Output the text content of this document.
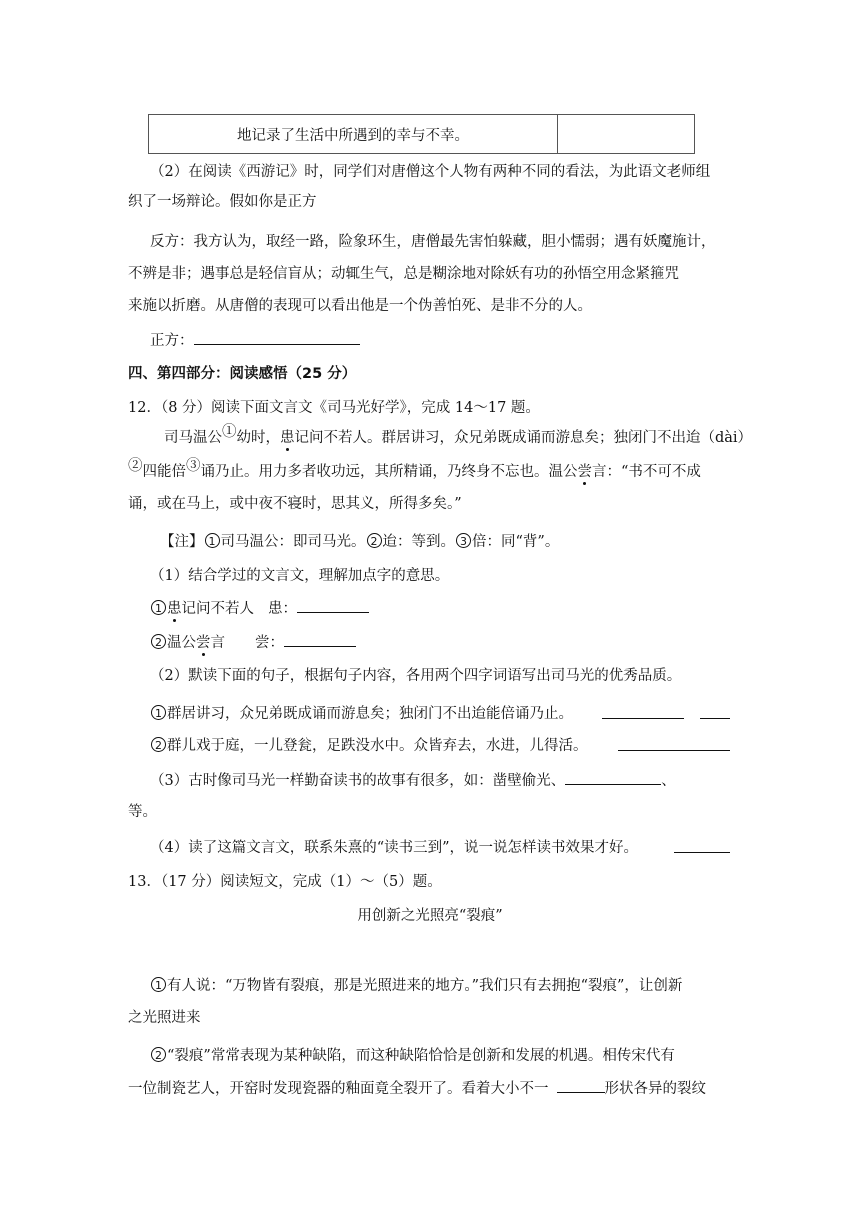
地记录了生活中所遇到的幸与不幸。	
（2）在阅读《西游记》时，同学们对唐僧这个人物有两种不同的看法，为此语文老师组
织了一场辩论。假如你是正方
反方：我方认为，取经一路，险象环生，唐僧最先害怕躲藏，胆小懦弱；遇有妖魔施计，
不辨是非；遇事总是轻信盲从；动辄生气，总是糊涂地对除妖有功的孙悟空用念紧箍咒
来施以折磨。从唐僧的表现可以看出他是一个伪善怕死、是非不分的人。
正方：
四、第四部分：阅读感悟（25 分）
12．（8 分）阅读下面文言文《司马光好学》，完成 14～17 题。
司马温公①幼时，患记问不若人。群居讲习，众兄弟既成诵而游息矣；独闭门不出迨（dài）
②四能倍③诵乃止。用力多者收功远，其所精诵，乃终身不忘也。温公尝言：“书不可不成
诵，或在马上，或中夜不寝时，思其义，所得多矣。”
【注】 1 司马温公：即司马光。 2 迨：等到。 3 倍：同“背”。
（1）结合学过的文言文，理解加点字的意思。
1 患记问不若人 患：
2 温公尝言 尝：
（2）默读下面的句子，根据句子内容，各用两个四字词语写出司马光的优秀品质。
1 群居讲习，众兄弟既成诵而游息矣；独闭门不出迨能倍诵乃止。
2 群儿戏于庭，一儿登瓮，足跌没水中。众皆弃去，水进，儿得活。
（3）古时像司马光一样勤奋读书的故事有很多，如：凿壁偷光、	、
等。
（4）读了这篇文言文，联系朱熹的“读书三到”，说一说怎样读书效果才好。
13．（17 分）阅读短文，完成（1）～（5）题。
用创新之光照亮“裂痕”
1 有人说：“万物皆有裂痕，那是光照进来的地方。”我们只有去拥抱“裂痕”，让创新
之光照进来
2 “裂痕”常常表现为某种缺陷，而这种缺陷恰恰是创新和发展的机遇。相传宋代有
一位制瓷艺人，开窑时发现瓷器的釉面竟全裂开了。看着大小不一	形状各异的裂纹
